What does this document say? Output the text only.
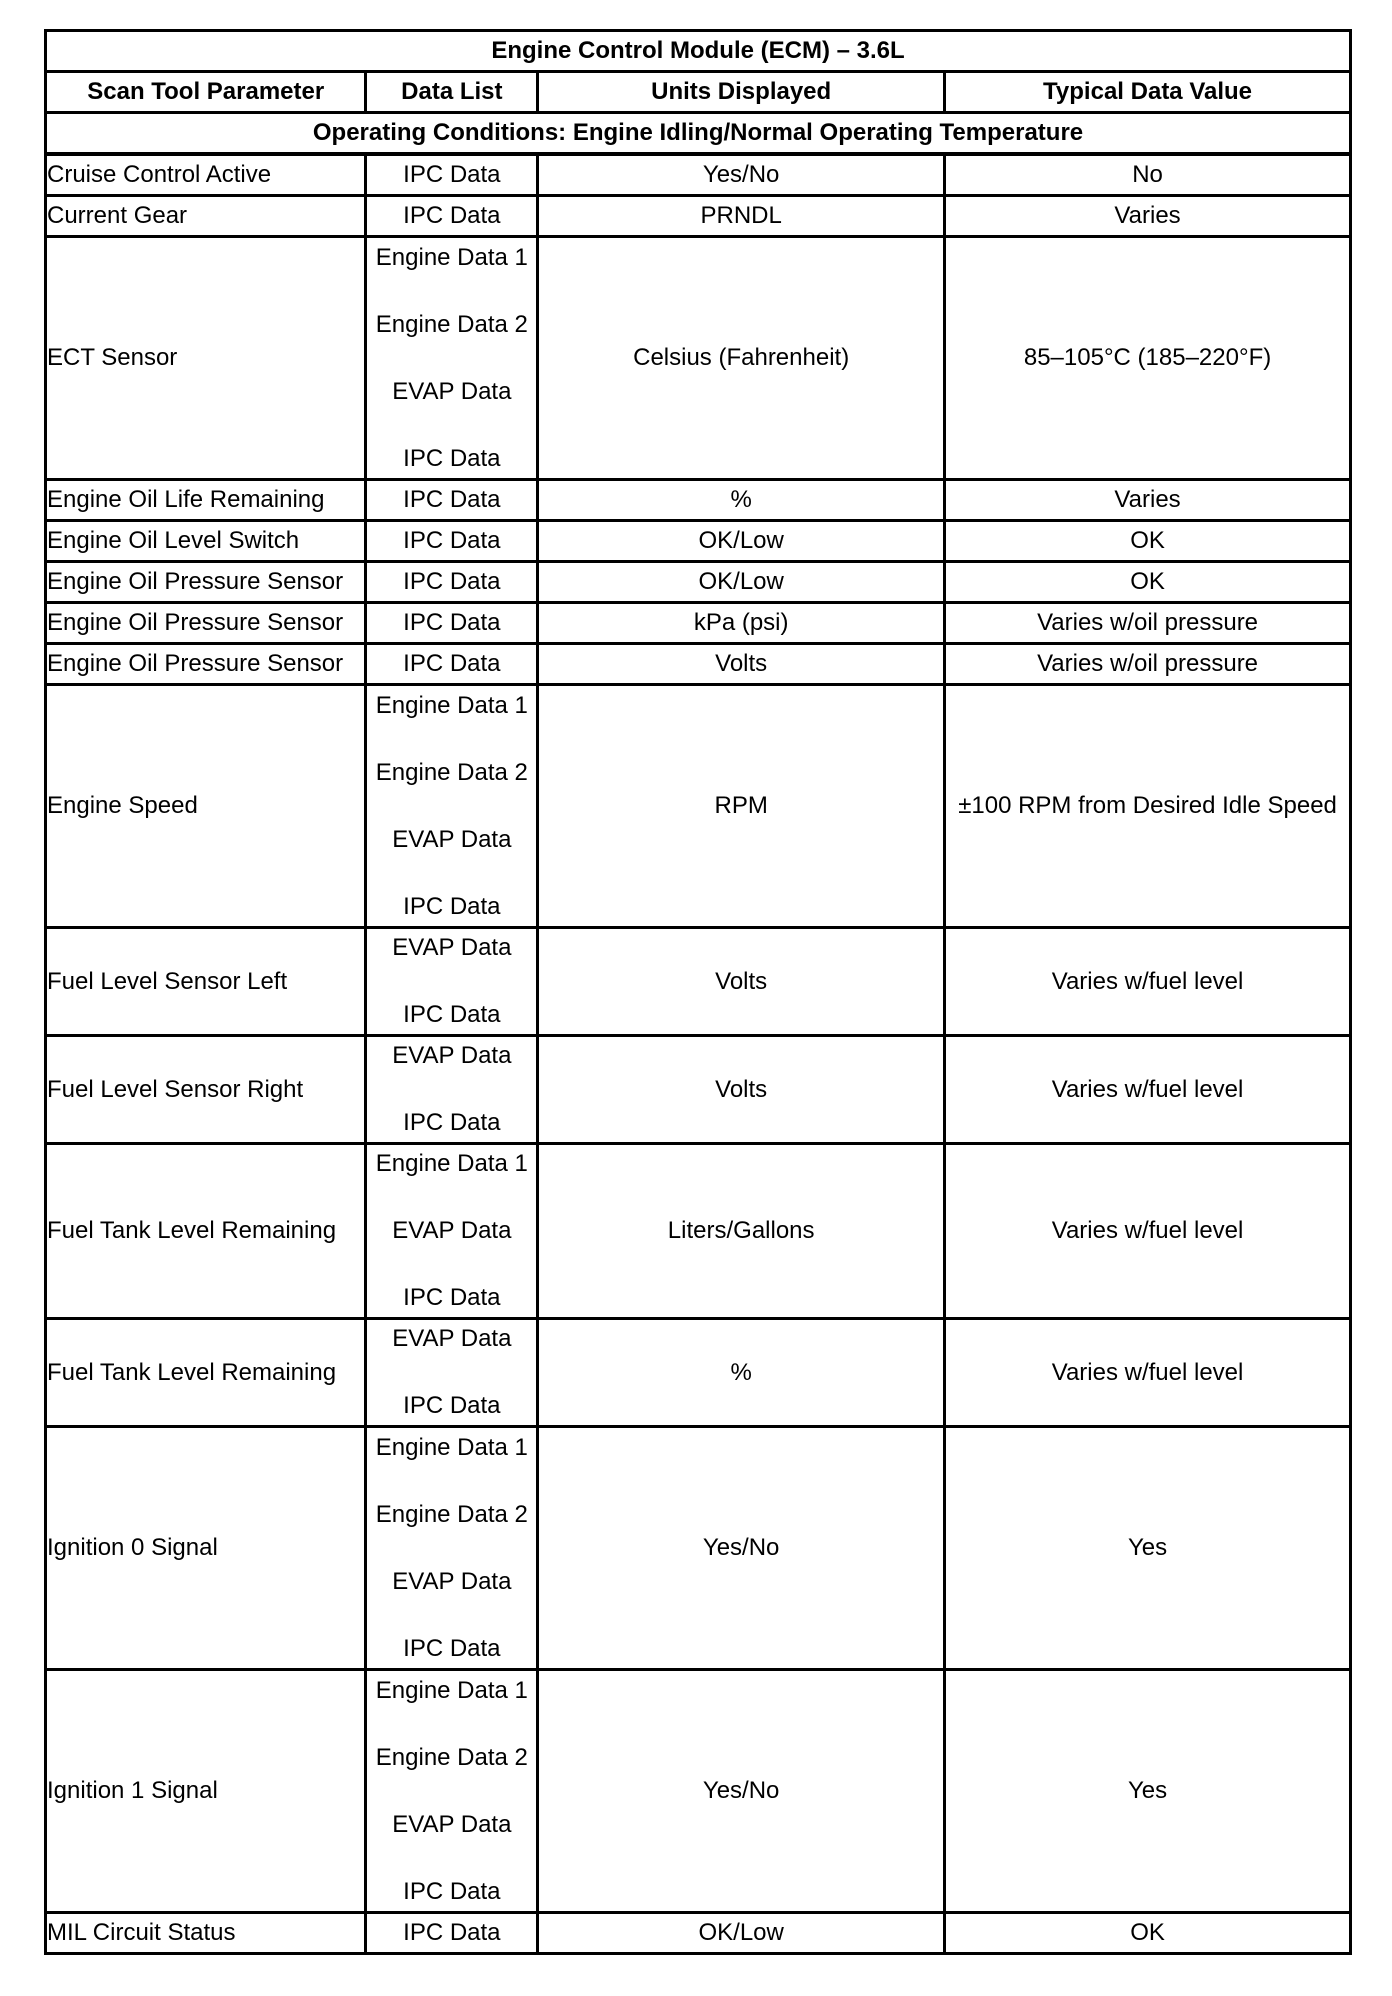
Engine Control Module (ECM) – 3.6L			
Scan Tool Parameter	Data List	Units Displayed	Typical Data Value
Operating Conditions: Engine Idling/Normal Operating Temperature			
Cruise Control Active	IPC Data	Yes/No	No
Current Gear	IPC Data	PRNDL	Varies
ECT Sensor	Engine Data 1
Engine Data 2
EVAP Data
IPC Data	Celsius (Fahrenheit)	85–105°C (185–220°F)
Engine Oil Life Remaining	IPC Data	%	Varies
Engine Oil Level Switch	IPC Data	OK/Low	OK
Engine Oil Pressure Sensor	IPC Data	OK/Low	OK
Engine Oil Pressure Sensor	IPC Data	kPa (psi)	Varies w/oil pressure
Engine Oil Pressure Sensor	IPC Data	Volts	Varies w/oil pressure
Engine Speed	Engine Data 1
Engine Data 2
EVAP Data
IPC Data	RPM	±100 RPM from Desired Idle Speed
Fuel Level Sensor Left	EVAP Data
IPC Data	Volts	Varies w/fuel level
Fuel Level Sensor Right	EVAP Data
IPC Data	Volts	Varies w/fuel level
Fuel Tank Level Remaining	Engine Data 1
EVAP Data
IPC Data	Liters/Gallons	Varies w/fuel level
Fuel Tank Level Remaining	EVAP Data
IPC Data	%	Varies w/fuel level
Ignition 0 Signal	Engine Data 1
Engine Data 2
EVAP Data
IPC Data	Yes/No	Yes
Ignition 1 Signal	Engine Data 1
Engine Data 2
EVAP Data
IPC Data	Yes/No	Yes
MIL Circuit Status	IPC Data	OK/Low	OK
